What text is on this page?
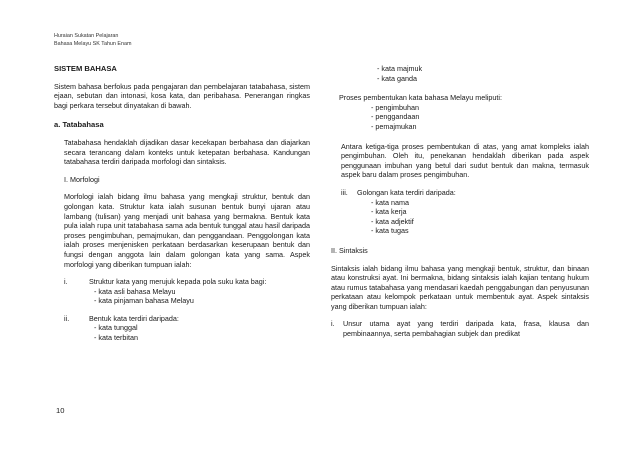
Huraian Sukatan Pelajaran
Bahasa Melayu SK Tahun Enam
SISTEM BAHASA
Sistem bahasa berfokus pada pengajaran dan pembelajaran tatabahasa, sistem ejaan, sebutan dan intonasi, kosa kata, dan peribahasa. Penerangan ringkas bagi perkara tersebut dinyatakan di bawah.
a. Tatabahasa
Tatabahasa hendaklah dijadikan dasar kecekapan berbahasa dan diajarkan secara terancang dalam konteks untuk ketepatan berbahasa. Kandungan tatabahasa terdiri daripada morfologi dan sintaksis.
I. Morfologi
Morfologi ialah bidang ilmu bahasa yang mengkaji struktur, bentuk dan golongan kata. Struktur kata ialah susunan bentuk bunyi ujaran atau lambang (tulisan) yang menjadi unit bahasa yang bermakna. Bentuk kata pula ialah rupa unit tatabahasa sama ada bentuk tunggal atau hasil daripada proses pengimbuhan, pemajmukan, dan penggandaan. Penggolongan kata ialah proses menjenisken perkataan berdasarkan keserupaan bentuk dan fungsi dengan anggota lain dalam golongan kata yang sama. Aspek morfologi yang diberikan tumpuan ialah:
i.	Struktur kata yang merujuk kepada pola suku kata bagi:
- kata asli bahasa Melayu
- kata pinjaman bahasa Melayu
ii.	Bentuk kata terdiri daripada:
- kata tunggal
- kata terbitan
- kata majmuk
- kata ganda
Proses pembentukan kata bahasa Melayu meliputi:
- pengimbuhan
- penggandaan
- pemajmukan
Antara ketiga-tiga proses pembentukan di atas, yang amat kompleks ialah pengimbuhan. Oleh itu, penekanan hendaklah diberikan pada aspek penggunaan imbuhan yang betul dari sudut bentuk dan makna, termasuk aspek baru dalam proses pengimbuhan.
iii.	Golongan kata terdiri daripada:
- kata nama
- kata kerja
- kata adjektif
- kata tugas
II. Sintaksis
Sintaksis ialah bidang ilmu bahasa yang mengkaji bentuk, struktur, dan binaan atau konstruksi ayat. Ini bermakna, bidang sintaksis ialah kajian tentang hukum atau rumus tatabahasa yang mendasari kaedah penggabungan dan penyusunan perkataan atau kelompok perkataan untuk membentuk ayat. Aspek sintaksis yang diberikan tumpuan ialah:
i.	Unsur utama ayat yang terdiri daripada kata, frasa, klausa dan pembinaannya, serta pembahagian subjek dan predikat
10
